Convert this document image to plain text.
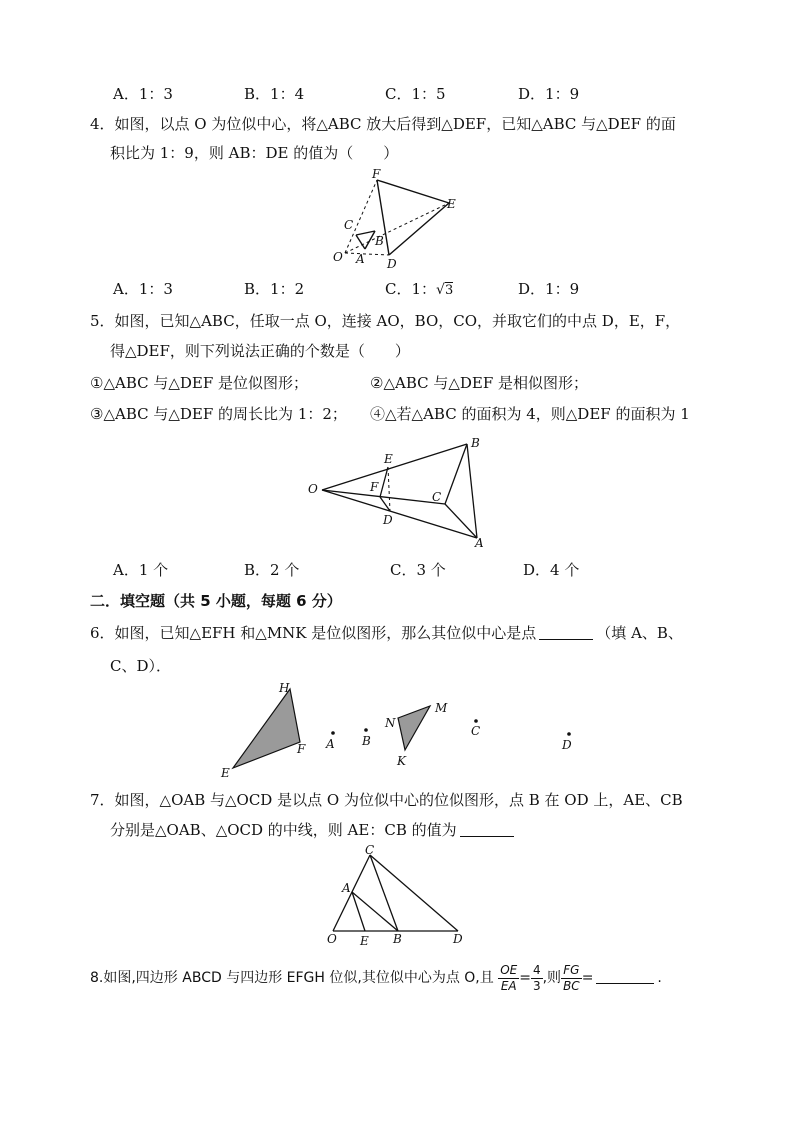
A．1：3	B．1：4	C．1：5	D．1：9
4．如图，以点 O 为位似中心，将△ABC 放大后得到△DEF，已知△ABC 与△DEF 的面
积比为 1：9，则 AB：DE 的值为（　　）
F
E
C
B
O A D
A．1：3	B．1：2	C．1：√3	D．1：9
5．如图，已知△ABC，任取一点 O，连接 AO，BO，CO，并取它们的中点 D，E，F，
得△DEF，则下列说法正确的个数是（　　）
①△ABC 与△DEF 是位似图形；	②△ABC 与△DEF 是相似图形；
③△ABC 与△DEF 的周长比为 1：2； ④△若△ABC 的面积为 4，则△DEF 的面积为 1
O
E
F
D
B
C
A
A．1 个	B．2 个	C．3 个	D．4 个
二．填空题（共 5 小题，每题 6 分）
6．如图，已知△EFH 和△MNK 是位似图形，那么其位似中心是点	（填 A、B、
C、D）．
H
F
E
A B
N
M
K
C
D
7．如图，△OAB 与△OCD 是以点 O 为位似中心的位似图形，点 B 在 OD 上，AE、CB
分别是△OAB、△OCD 的中线，则 AE：CB 的值为
C
A
O E B	D
8.如图,四边形 ABCD 与四边形 EFGH 位似,其位似中心为点 O,且 $\frac{OE}{EA} = \frac{4}{3}$ ,则 $\frac{FG}{BC}$ =	.
